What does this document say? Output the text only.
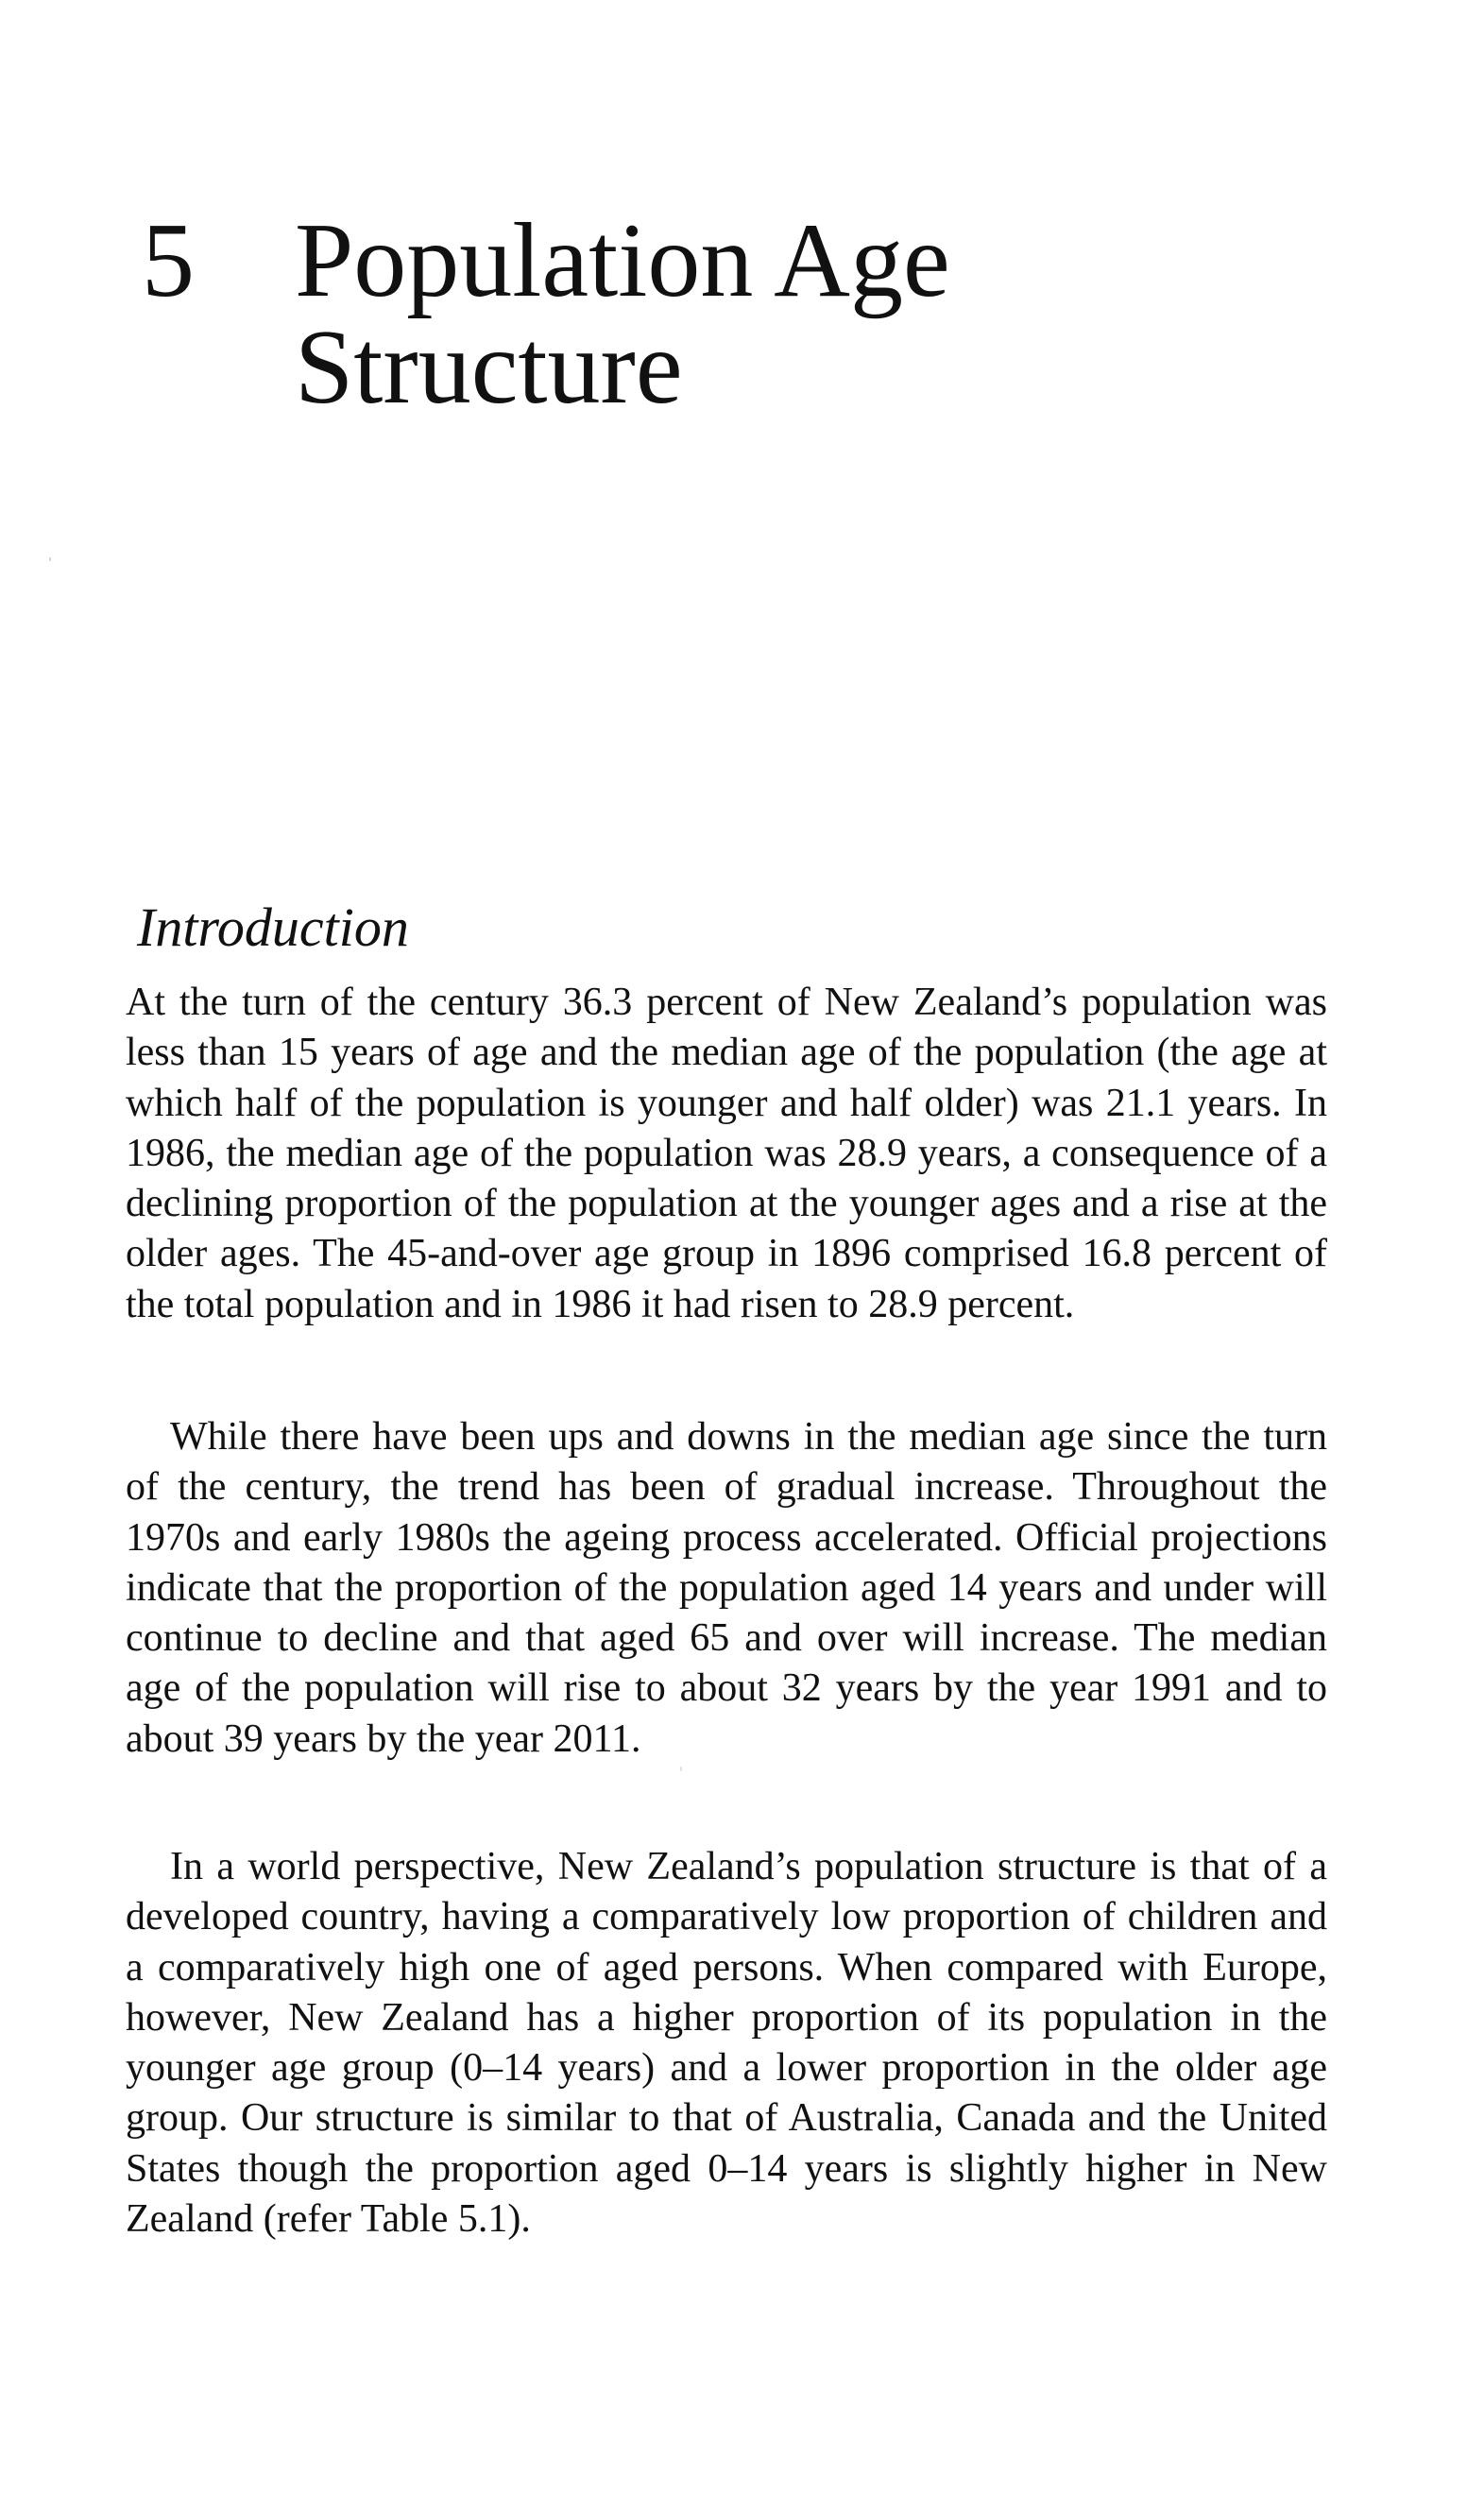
5 Population Age
Structure
Introduction

At the turn of the century 36.3 percent of New Zealand’s population was less than 15 years of age and the median age of the population (the age at which half of the population is younger and half older) was 21.1 years. In 1986, the median age of the population was 28.9 years, a consequence of a declining proportion of the population at the younger ages and a rise at the older ages. The 45-and-over age group in 1896 comprised 16.8 percent of the total population and in 1986 it had risen to 28.9 percent.

While there have been ups and downs in the median age since the turn of the century, the trend has been of gradual increase. Throughout the 1970s and early 1980s the ageing process accelerated. Official projections indicate that the proportion of the population aged 14 years and under will continue to decline and that aged 65 and over will increase. The median age of the population will rise to about 32 years by the year 1991 and to about 39 years by the year 2011.

In a world perspective, New Zealand’s population structure is that of a developed country, having a comparatively low proportion of children and a comparatively high one of aged persons. When compared with Europe, however, New Zealand has a higher proportion of its population in the younger age group (0–14 years) and a lower proportion in the older age group. Our structure is similar to that of Australia, Canada and the United States though the proportion aged 0–14 years is slightly higher in New Zealand (refer Table 5.1).
